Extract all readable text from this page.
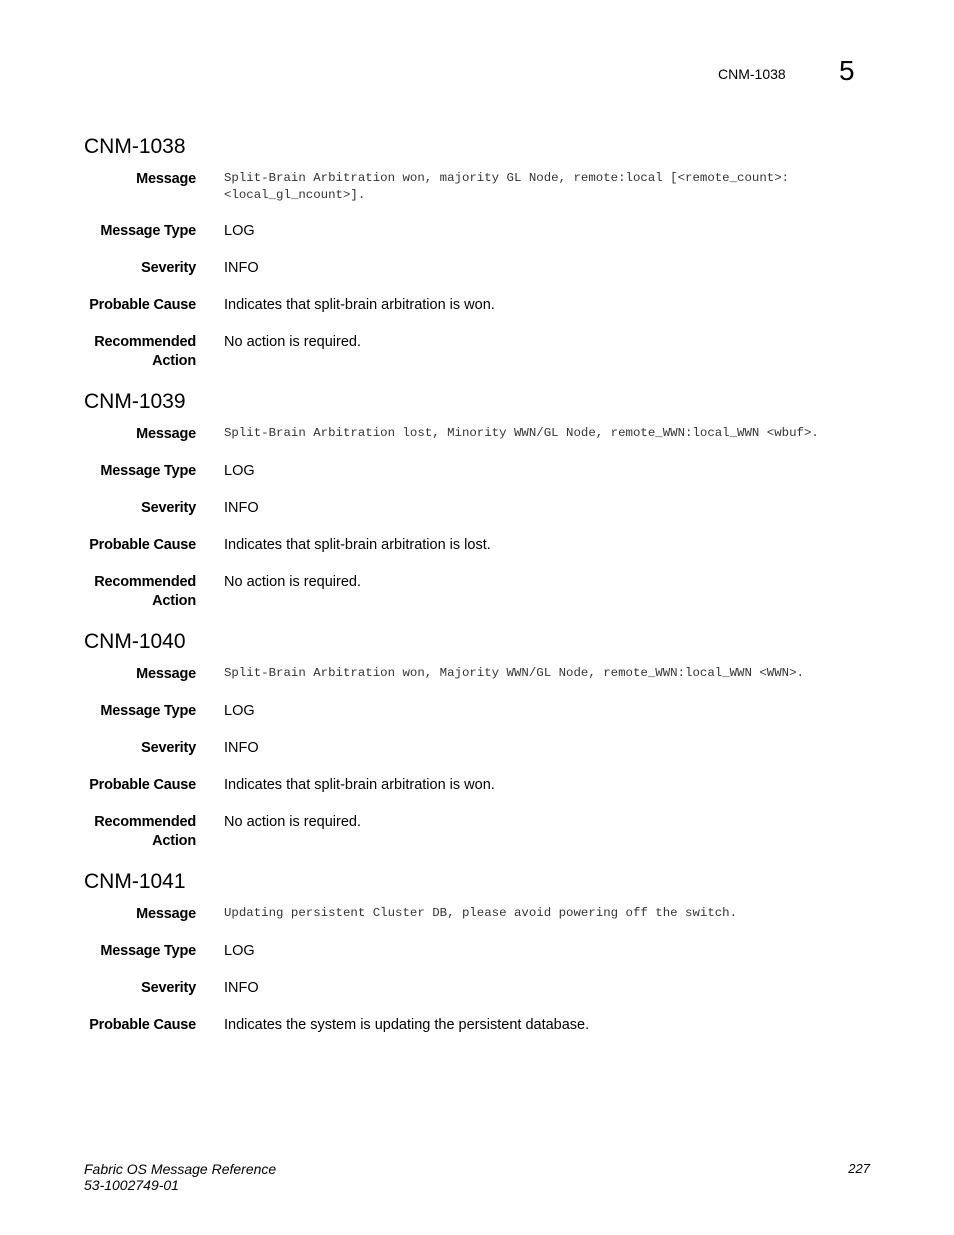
CNM-1038 5
CNM-1038
Message Split-Brain Arbitration won, majority GL Node, remote:local [<remote_count>:<local_gl_ncount>].
Message Type LOG
Severity INFO
Probable Cause Indicates that split-brain arbitration is won.
Recommended
Action
No action is required.
CNM-1039
Message Split-Brain Arbitration lost, Minority WWN/GL Node, remote_WWN:local_WWN <wbuf>.
Message Type LOG
Severity INFO
Probable Cause Indicates that split-brain arbitration is lost.
Recommended
Action
No action is required.
CNM-1040
Message Split-Brain Arbitration won, Majority WWN/GL Node, remote_WWN:local_WWN <WWN>.
Message Type LOG
Severity INFO
Probable Cause Indicates that split-brain arbitration is won.
Recommended
Action
No action is required.
CNM-1041
Message Updating persistent Cluster DB, please avoid powering off the switch.
Message Type LOG
Severity INFO
Probable Cause Indicates the system is updating the persistent database.
Fabric OS Message Reference
53-1002749-01
227
